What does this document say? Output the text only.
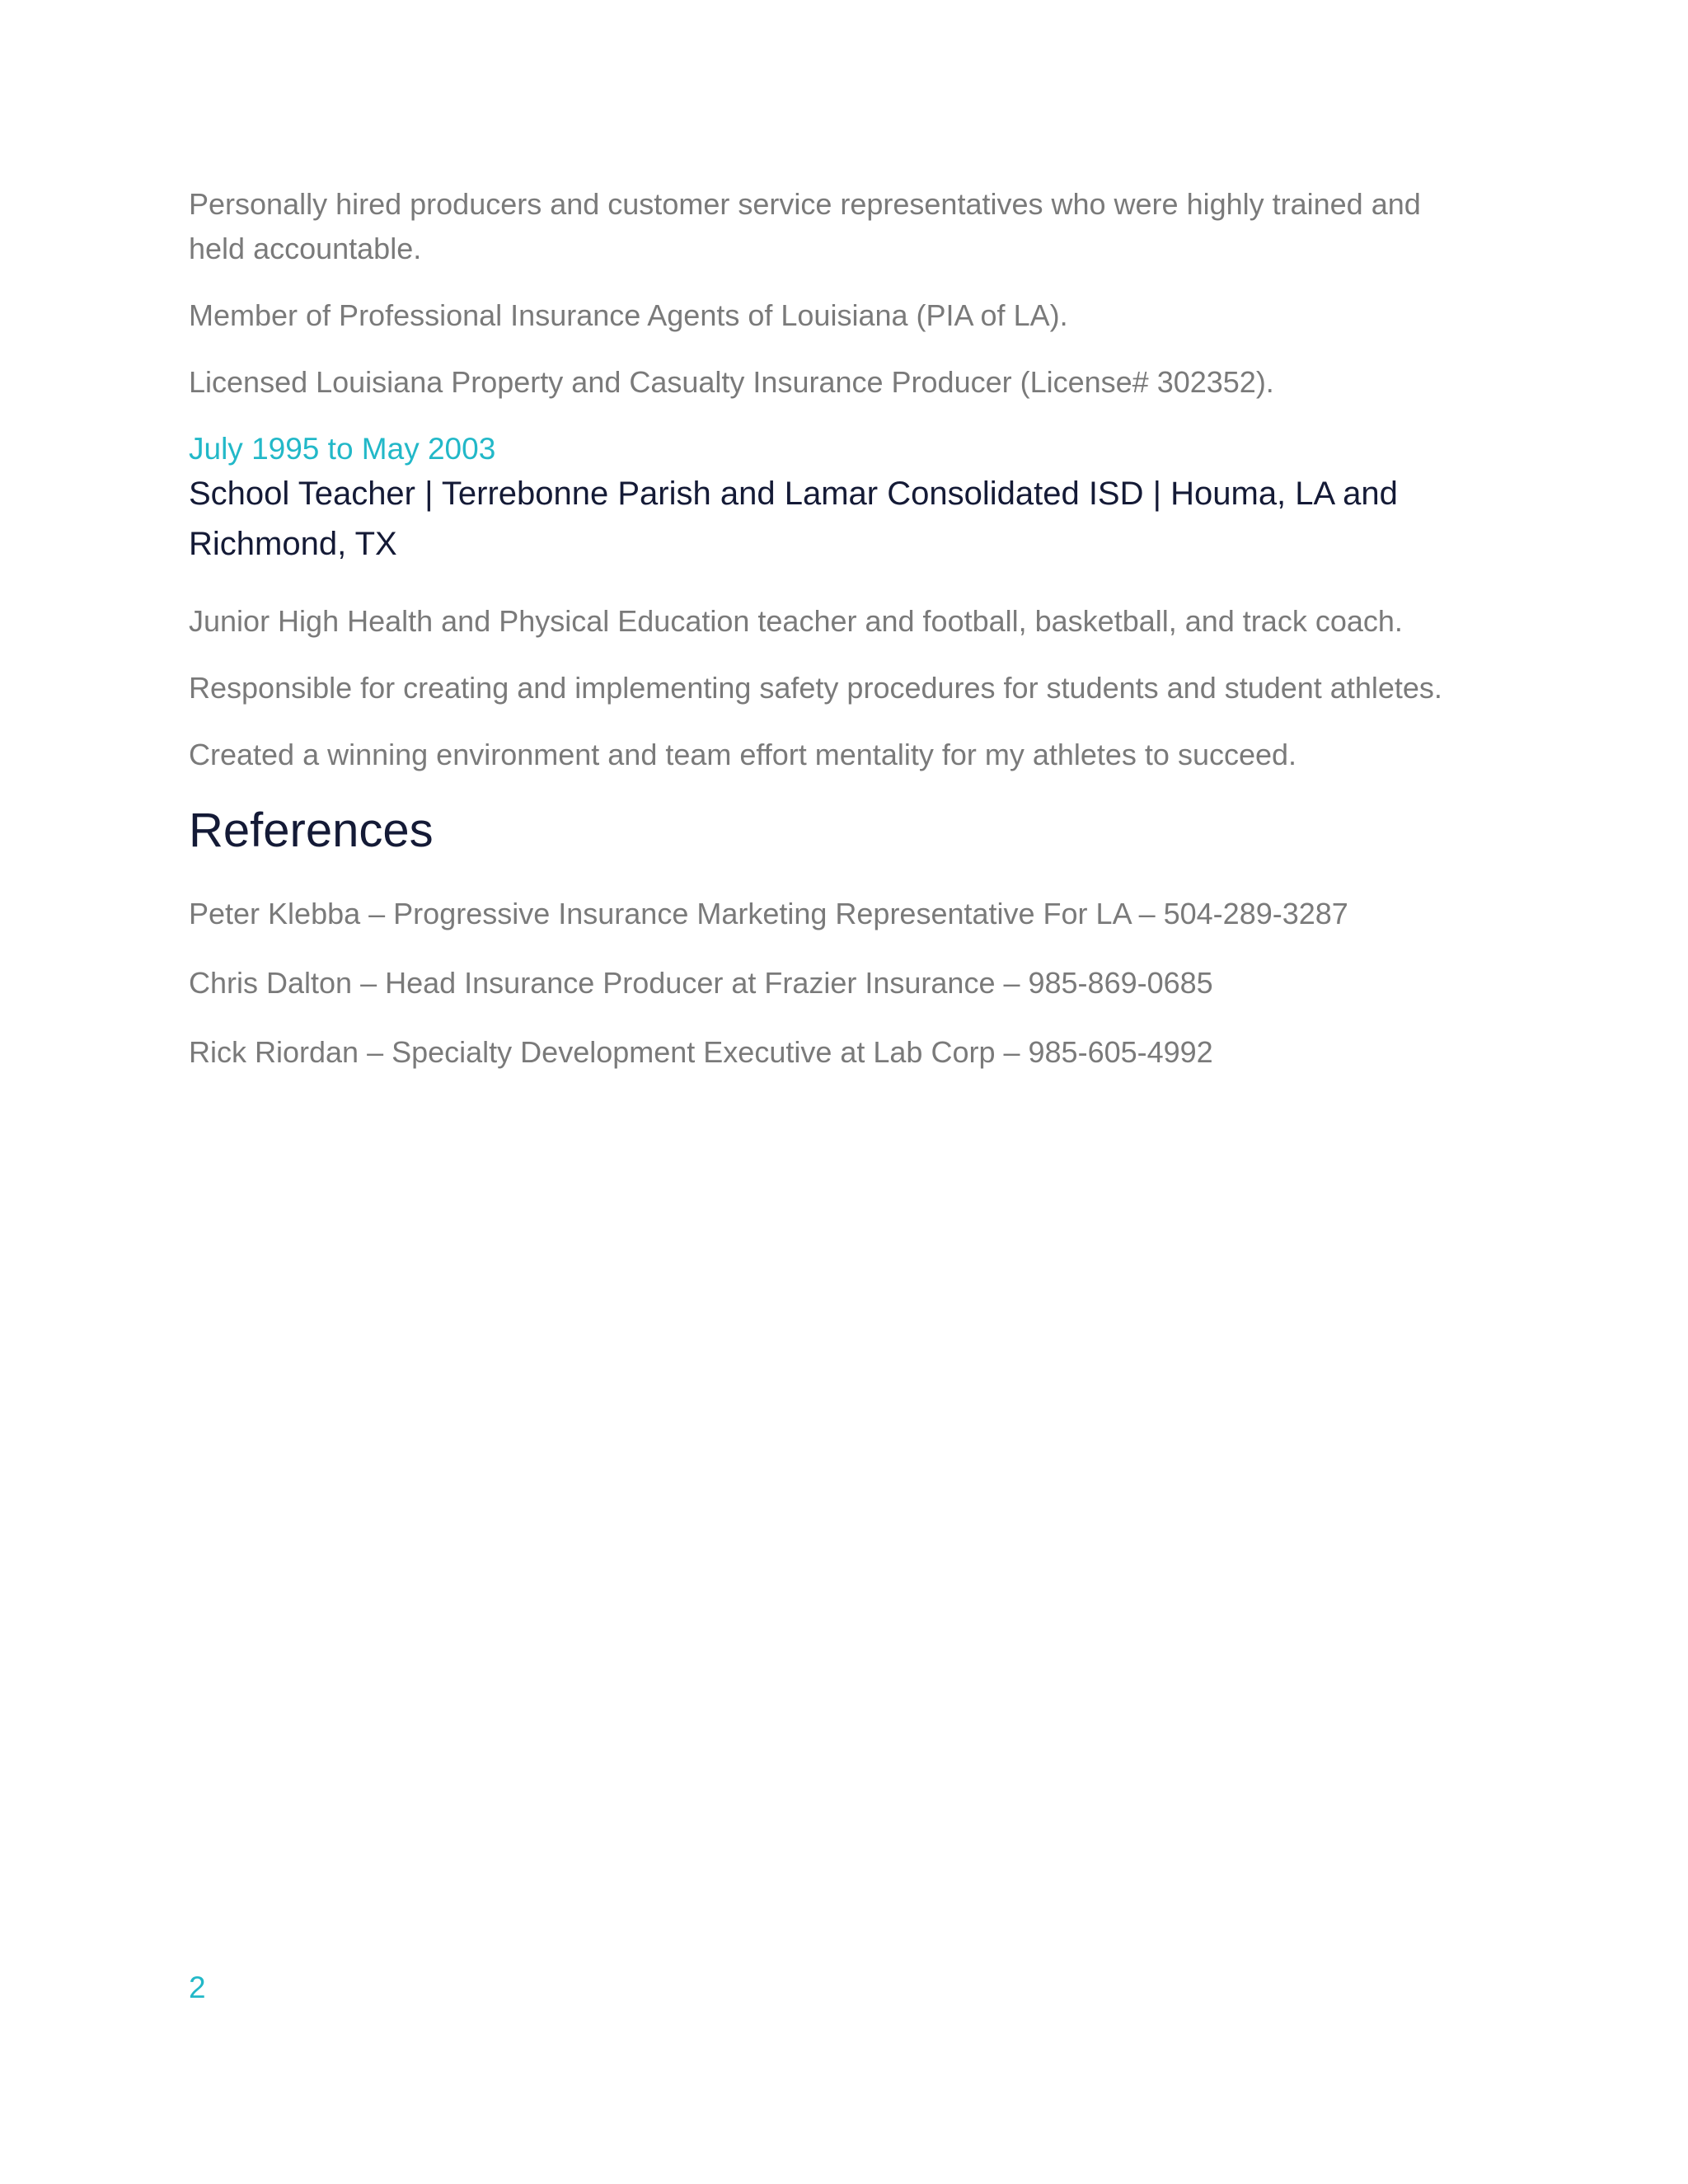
Personally hired producers and customer service representatives who were highly trained and
held accountable.
Member of Professional Insurance Agents of Louisiana (PIA of LA).
Licensed Louisiana Property and Casualty Insurance Producer (License# 302352).
July 1995 to May 2003
School Teacher | Terrebonne Parish and Lamar Consolidated ISD | Houma, LA and
Richmond, TX
Junior High Health and Physical Education teacher and football, basketball, and track coach.
Responsible for creating and implementing safety procedures for students and student athletes.
Created a winning environment and team effort mentality for my athletes to succeed.
References
Peter Klebba – Progressive Insurance Marketing Representative For LA – 504-289-3287
Chris Dalton – Head Insurance Producer at Frazier Insurance – 985-869-0685
Rick Riordan – Specialty Development Executive at Lab Corp – 985-605-4992
2
